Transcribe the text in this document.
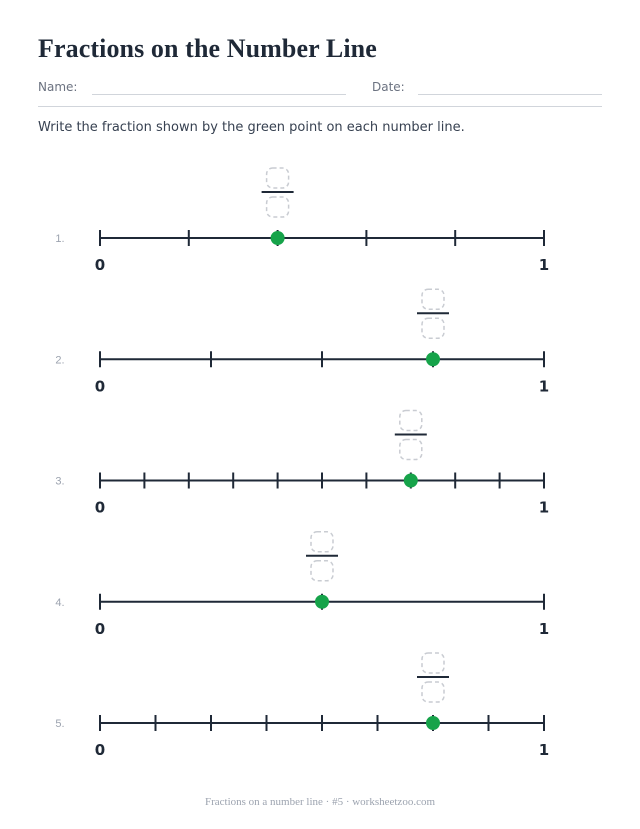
Fractions on the Number Line
Name:	Date:

Write the fraction shown by the green point on each number line.

1.
0	1
2.
0	1
3.
0	1
4.
0	1
5.
0	1
Fractions on a number line · #5 · worksheetzoo.com
